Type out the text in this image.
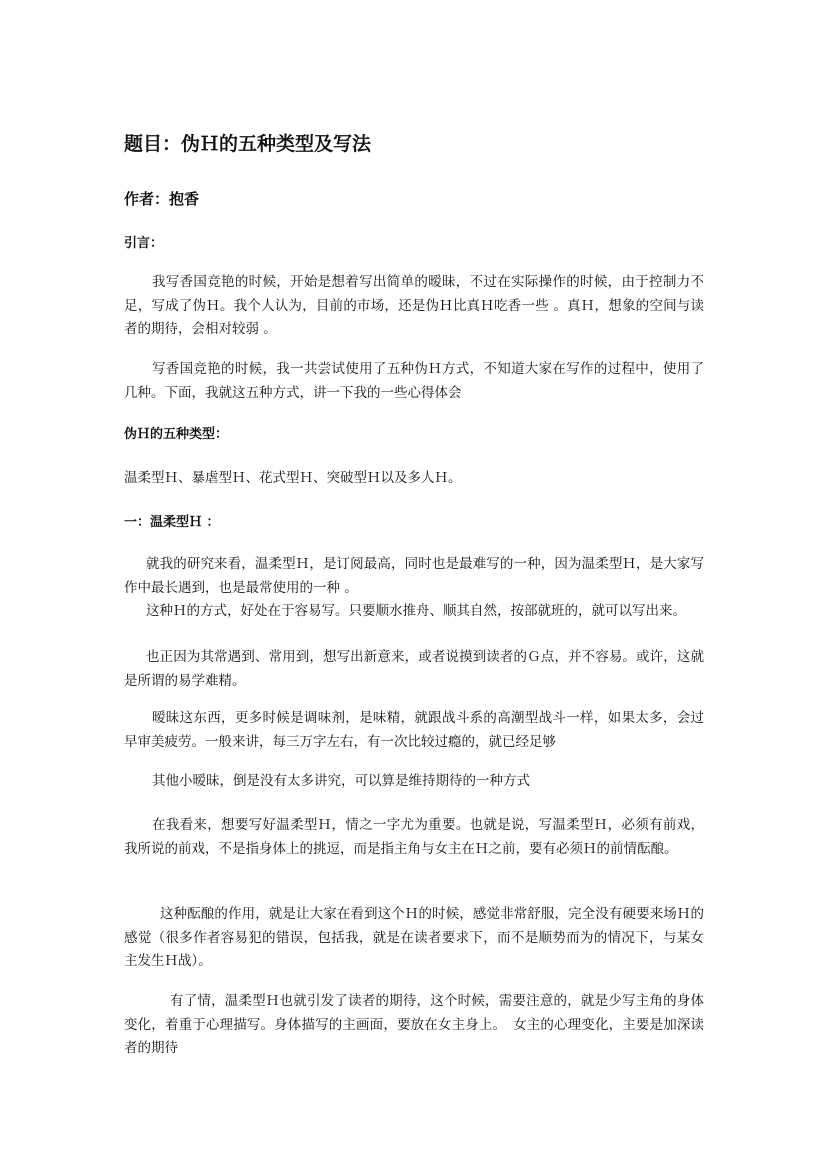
题目：伪Ｈ的五种类型及写法
作者：抱香
引言：

我写香国竞艳的时候，开始是想着写出简单的暧昧，不过在实际操作的时候，由于控制力不足，写成了伪Ｈ。我个人认为，目前的市场，还是伪Ｈ比真Ｈ吃香一些 。真Ｈ，想象的空间与读者的期待，会相对较弱 。

写香国竞艳的时候，我一共尝试使用了五种伪Ｈ方式，不知道大家在写作的过程中，使用了几种。下面，我就这五种方式，讲一下我的一些心得体会

伪Ｈ的五种类型：

温柔型Ｈ、暴虐型Ｈ、花式型Ｈ、突破型Ｈ以及多人Ｈ。

一：温柔型Ｈ ：

就我的研究来看，温柔型Ｈ，是订阅最高，同时也是最难写的一种，因为温柔型Ｈ，是大家写作中最长遇到，也是最常使用的一种 。

这种Ｈ的方式，好处在于容易写。只要顺水推舟、顺其自然，按部就班的，就可以写出来。

也正因为其常遇到、常用到，想写出新意来，或者说摸到读者的Ｇ点，并不容易。或许，这就是所谓的易学难精。

暧昧这东西，更多时候是调味剂，是味精，就跟战斗系的高潮型战斗一样，如果太多，会过早审美疲劳。一般来讲，每三万字左右，有一次比较过瘾的，就已经足够

其他小暧昧，倒是没有太多讲究，可以算是维持期待的一种方式

在我看来，想要写好温柔型Ｈ，情之一字尤为重要。也就是说，写温柔型Ｈ，必须有前戏，我所说的前戏，不是指身体上的挑逗，而是指主角与女主在Ｈ之前，要有必须Ｈ的前情酝酿。

这种酝酿的作用，就是让大家在看到这个Ｈ的时候，感觉非常舒服，完全没有硬要来场Ｈ的感觉（很多作者容易犯的错误，包括我，就是在读者要求下，而不是顺势而为的情况下，与某女主发生Ｈ战）。

有了情，温柔型Ｈ也就引发了读者的期待，这个时候，需要注意的，就是少写主角的身体变化，着重于心理描写。身体描写的主画面，要放在女主身上。　女主的心理变化，主要是加深读者的期待
